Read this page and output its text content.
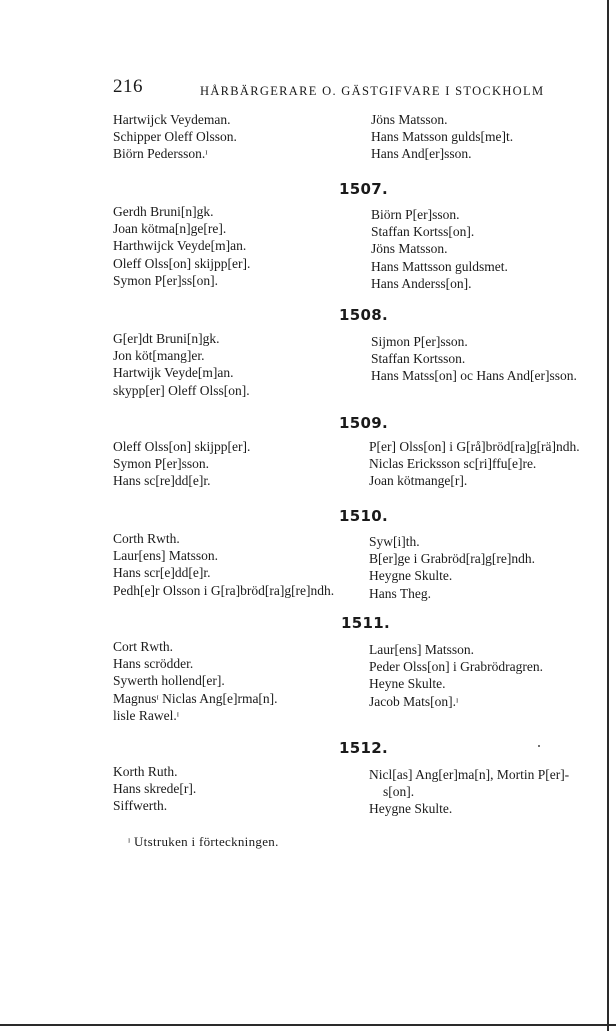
216	HÅRBÄRGERARE O. GÄSTGIFVARE I STOCKHOLM
Hartwijck Veydeman.
Schipper Oleff Olsson.
Biörn Pedersson.ᶦ
Jöns Matsson.
Hans Matsson gulds[me]t.
Hans And[er]sson.
1507.
Gerdh Bruni[n]gk.
Joan kötma[n]ge[re].
Harthwijck Veyde[m]an.
Oleff Olss[on] skijpp[er].
Symon P[er]ss[on].
Biörn P[er]sson.
Staffan Kortss[on].
Jöns Matsson.
Hans Mattsson guldsmet.
Hans Anderss[on].
1508.
G[er]dt Bruni[n]gk.
Jon köt[mang]er.
Hartwijk Veyde[m]an.
skypp[er] Oleff Olss[on].
Sijmon P[er]sson.
Staffan Kortsson.
Hans Matss[on] oc Hans And[er]sson.
1509.
Oleff Olss[on] skijpp[er].
Symon P[er]sson.
Hans sc[re]dd[e]r.
P[er] Olss[on] i G[rå]bröd[ra]g[rä]ndh.
Niclas Ericksson sc[ri]ffu[e]re.
Joan kötmange[r].
1510.
Corth Rwth.
Laur[ens] Matsson.
Hans scr[e]dd[e]r.
Pedh[e]r Olsson i G[ra]bröd[ra]g[re]ndh.
Syw[i]th.
B[er]ge i Grabröd[ra]g[re]ndh.
Heygne Skulte.
Hans Theg.
1511.
Cort Rwth.
Hans scrödder.
Sywerth hollend[er].
Magnusᶦ Niclas Ang[e]rma[n].
lisle Rawel.ᶦ
Laur[ens] Matsson.
Peder Olss[on] i Grabrödragren.
Heyne Skulte.
Jacob Mats[on].ᶦ
1512.
Korth Ruth.
Hans skrede[r].
Siffwerth.
Nicl[as] Ang[er]ma[n], Mortin P[er]-
s[on].
Heygne Skulte.
ᶦ Utstruken i förteckningen.
